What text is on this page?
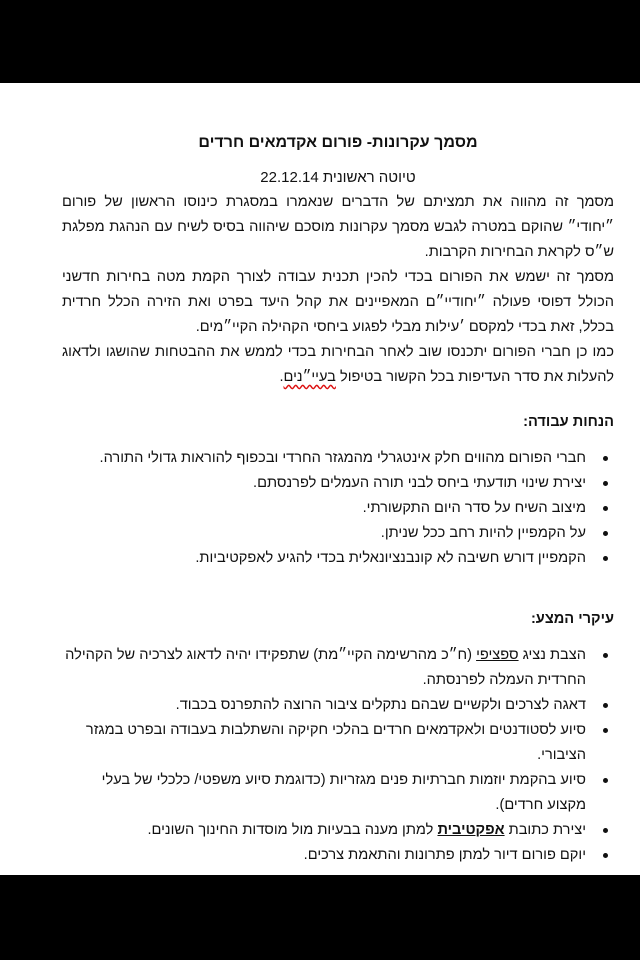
מסמך עקרונות- פורום אקדמאים חרדים
טיוטה ראשונית 22.12.14

מסמך זה מהווה את תמציתם של הדברים שנאמרו במסגרת כינוסו הראשון של פורום ״יחודי״ שהוקם במטרה לגבש מסמך עקרונות מוסכם שיהווה בסיס לשיח עם הנהגת מפלגת ש״ס לקראת הבחירות הקרבות.

מסמך זה ישמש את הפורום בכדי להכין תכנית עבודה לצורך הקמת מטה בחירות חדשני הכולל דפוסי פעולה ״יחודיי״ם המאפיינים את קהל היעד בפרט ואת הזירה הכלל חרדית בכלל, זאת בכדי למקסם ׳עילות מבלי לפגוע ביחסי הקהילה הקיי״מים.

כמו כן חברי הפורום יתכנסו שוב לאחר הבחירות בכדי לממש את ההבטחות שהושגו ולדאוג להעלות את סדר העדיפות בכל הקשור בטיפול בעיי״נים.

הנחות עבודה:
חברי הפורום מהווים חלק אינטגרלי מהמגזר החרדי ובכפוף להוראות גדולי התורה.
יצירת שינוי תודעתי ביחס לבני תורה העמלים לפרנסתם.
מיצוב השיח על סדר היום התקשורתי.
על הקמפיין להיות רחב ככל שניתן.
הקמפיין דורש חשיבה לא קונבנציונאלית בכדי להגיע לאפקטיביות.
עיקרי המצע:
הצבת נציג ספציפי (ח״כ מהרשימה הקיי״מת) שתפקידו יהיה לדאוג לצרכיה של הקהילה החרדית העמלה לפרנסתה.
דאגה לצרכים ולקשיים שבהם נתקלים ציבור הרוצה להתפרנס בכבוד.
סיוע לסטודנטים ולאקדמאים חרדים בהלכי חקיקה והשתלבות בעבודה ובפרט במגזר הציבורי.
סיוע בהקמת יוזמות חברתיות פנים מגזריות (כדוגמת סיוע משפטי/ כלכלי של בעלי מקצוע חרדים).
יצירת כתובת אפקטיבית למתן מענה בבעיות מול מוסדות החינוך השונים.
יוקם פורום דיור למתן פתרונות והתאמת צרכים.
